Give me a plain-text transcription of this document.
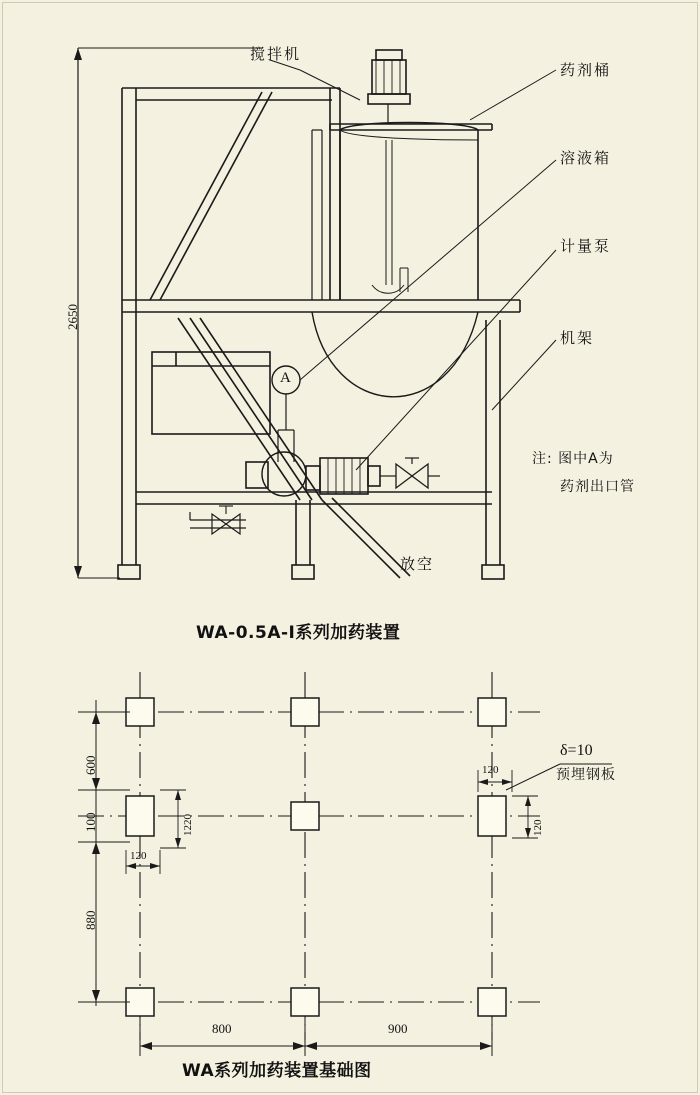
2650
搅拌机
药剂桶
溶液箱
计量泵
机架
放空
A
注: 图中A为
药剂出口管
WA-0.5A-I系列加药装置
600
100
880
800	900
1220
120
120
120
δ=10
预埋钢板
WA系列加药装置基础图
